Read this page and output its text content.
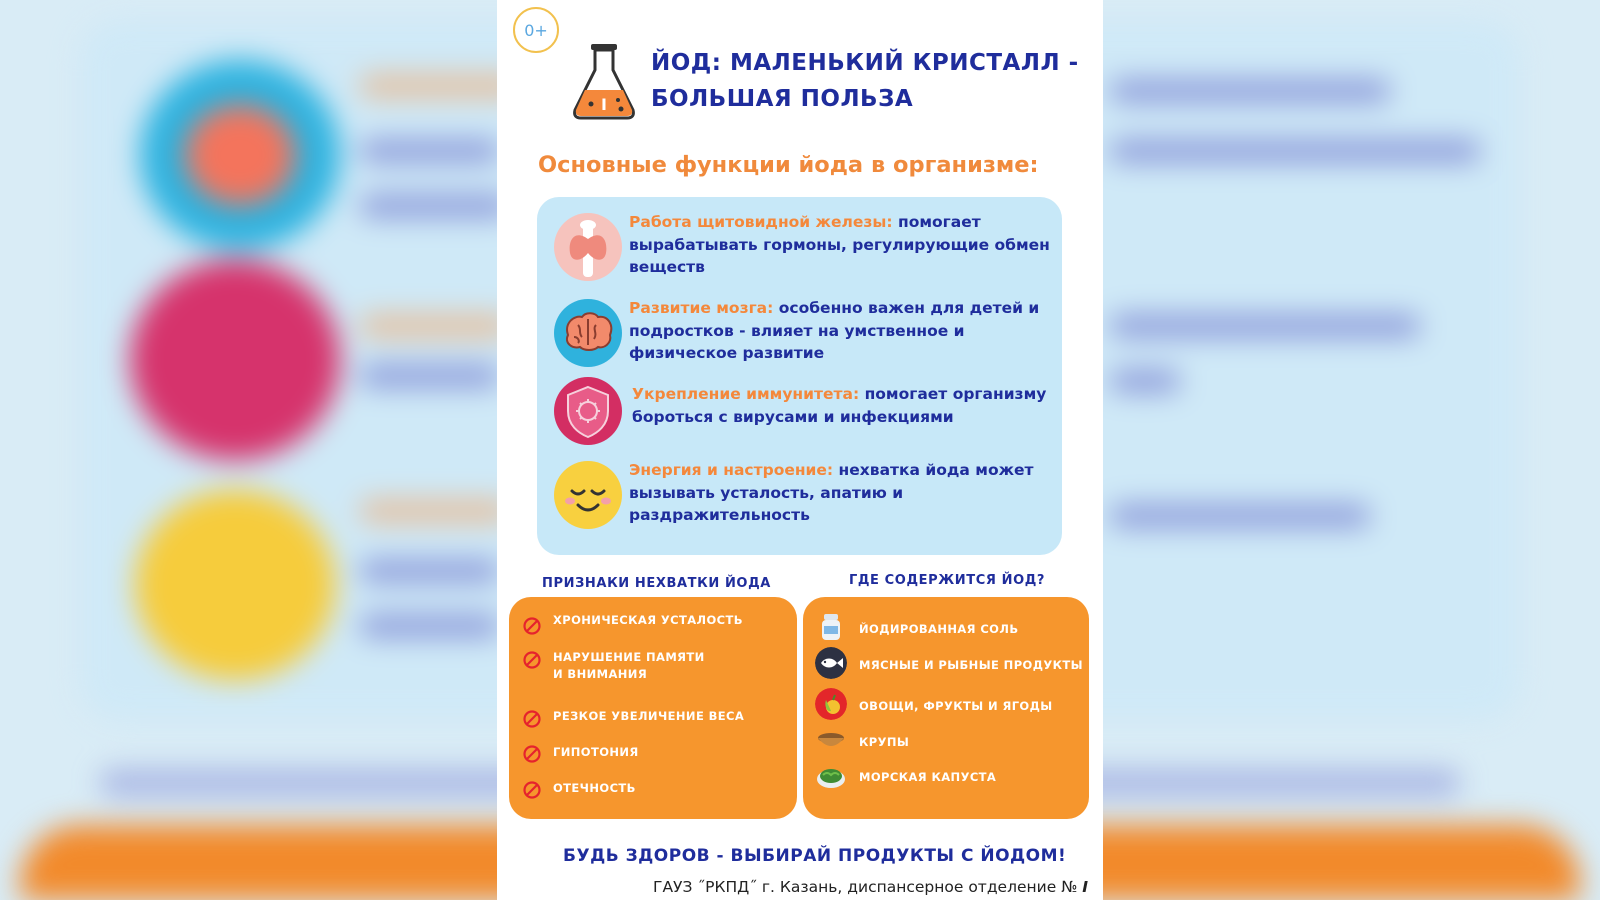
0+
I
ЙОД: МАЛЕНЬКИЙ КРИСТАЛЛ -
БОЛЬШАЯ ПОЛЬЗА
Основные функции йода в организме:
Работа щитовидной железы: помогает вырабатывать гормоны, регулирующие обмен веществ
Развитие мозга: особенно важен для детей и подростков - влияет на умственное и физическое развитие
Укрепление иммунитета: помогает организму бороться с вирусами и инфекциями
Энергия и настроение: нехватка йода может вызывать усталость, апатию и раздражительность
ПРИЗНАКИ НЕХВАТКИ ЙОДА
ХРОНИЧЕСКАЯ УСТАЛОСТЬ
НАРУШЕНИЕ ПАМЯТИ
И ВНИМАНИЯ
РЕЗКОЕ УВЕЛИЧЕНИЕ ВЕСА
ГИПОТОНИЯ
ОТЕЧНОСТЬ
ГДЕ СОДЕРЖИТСЯ ЙОД?
ЙОДИРОВАННАЯ СОЛЬ
МЯСНЫЕ И РЫБНЫЕ ПРОДУКТЫ
ОВОЩИ, ФРУКТЫ И ЯГОДЫ
КРУПЫ
МОРСКАЯ КАПУСТА
БУДЬ ЗДОРОВ - ВЫБИРАЙ ПРОДУКТЫ С ЙОДОМ!
ГАУЗ ˝РКПД˝ г. Казань, диспансерное отделение № I
